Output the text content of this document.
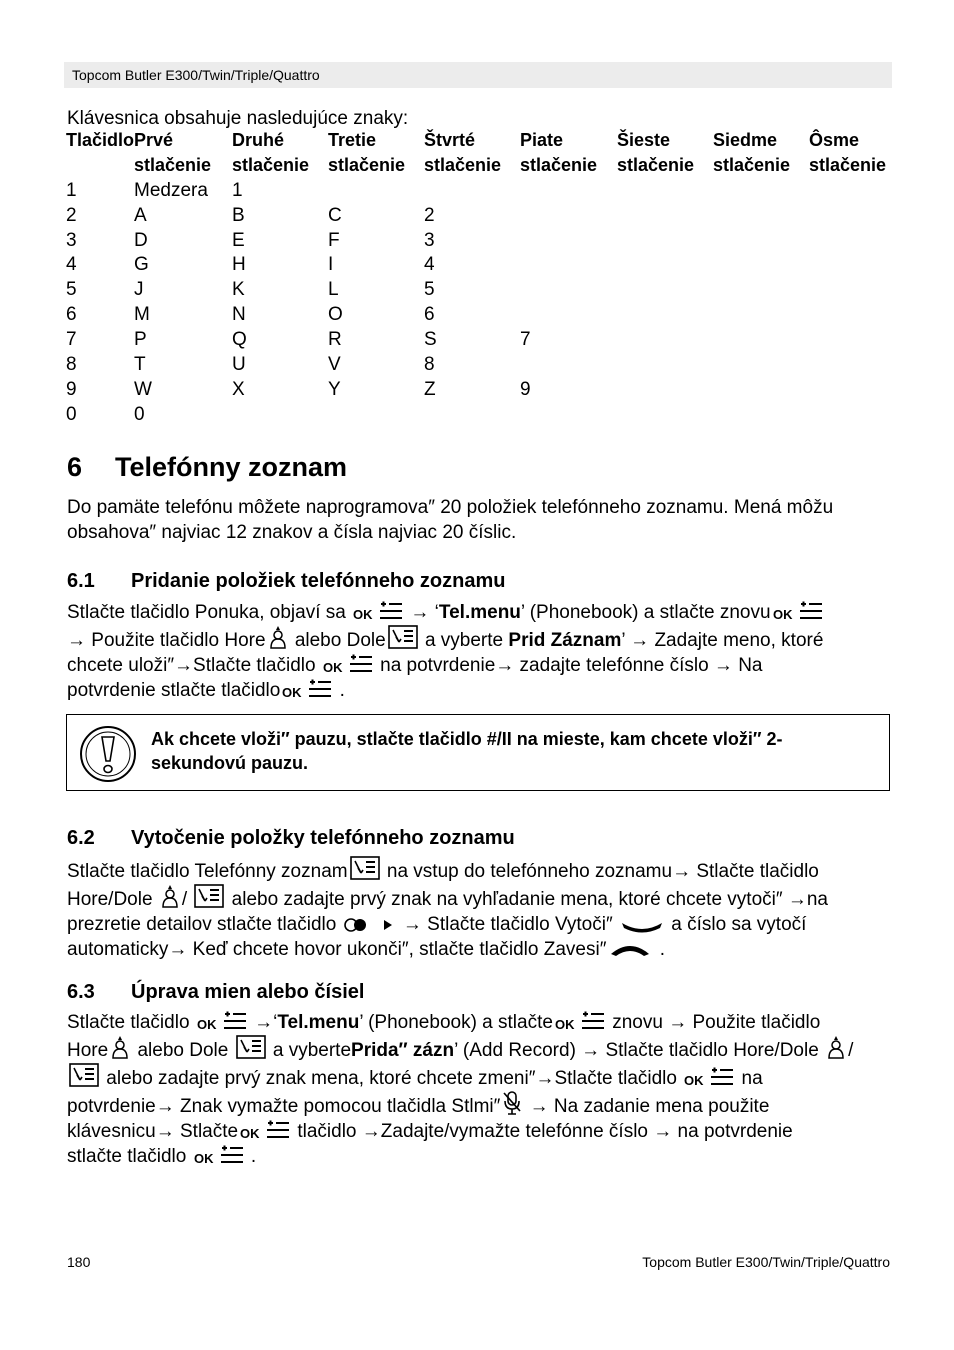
Topcom Butler E300/Twin/Triple/Quattro
Klávesnica obsahuje nasledujúce znaky:
Tlačidlo	Prvé	Druhé	Tretie	Štvrté	Piate	Šieste	Siedme	Ôsme
	stlačenie	stlačenie	stlačenie	stlačenie	stlačenie	stlačenie	stlačenie	stlačenie
1	Medzera	1						
2	A	B	C	2				
3	D	E	F	3				
4	G	H	I	4				
5	J	K	L	5				
6	M	N	O	6				
7	P	Q	R	S	7			
8	T	U	V	8				
9	W	X	Y	Z	9			
0	0							
6 Telefónny zoznam
Do pamäte telefónu môžete naprogramova″ 20 položiek telefónneho zoznamu. Mená môžu
obsahova″ najviac 12 znakov a čísla najviac 20 číslic.
6.1 Pridanie položiek telefónneho zoznamu
Stlačte tlačidlo Ponuka, objaví sa	→ ‘Tel.menu’ (Phonebook) a stlačte znovu
→ Použite tlačidlo Hore alebo Dole a vyberte Prid Záznam’ → Zadajte meno, ktoré
chcete uloži″→Stlačte tlačidlo	na potvrdenie→ zadajte telefónne číslo → Na
potvrdenie stlačte tlačidlo	.
Ak chcete vloži″ pauzu, stlačte tlačidlo #/II na mieste, kam chcete vloži″ 2-sekundovú pauzu.
6.2 Vytočenie položky telefónneho zoznamu
Stlačte tlačidlo Telefónny zoznam na vstup do telefónneho zoznamu→ Stlačte tlačidlo
Hore/Dole / alebo zadajte prvý znak na vyhľadanie mena, ktoré chcete vytoči″ →na
prezretie detailov stlačte tlačidlo	→ Stlačte tlačidlo Vytoči″	a číslo sa vytočí
automaticky→ Keď chcete hovor ukonči″, stlačte tlačidlo Zavesi″	.
6.3 Úprava mien alebo čísiel
Stlačte tlačidlo	→‘Tel.menu’ (Phonebook) a stlačte	znovu → Použite tlačidlo
Hore alebo Dole a vybertePrida″ zázn’ (Add Record) → Stlačte tlačidlo Hore/Dole /
alebo zadajte prvý znak mena, ktoré chcete zmeni″→Stlačte tlačidlo	na
potvrdenie→ Znak vymažte pomocou tlačidla Stlmi″ → Na zadanie mena použite
klávesnicu→ Stlačte	tlačidlo →Zadajte/vymažte telefónne číslo → na potvrdenie
stlačte tlačidlo	.
180	Topcom Butler E300/Twin/Triple/Quattro
